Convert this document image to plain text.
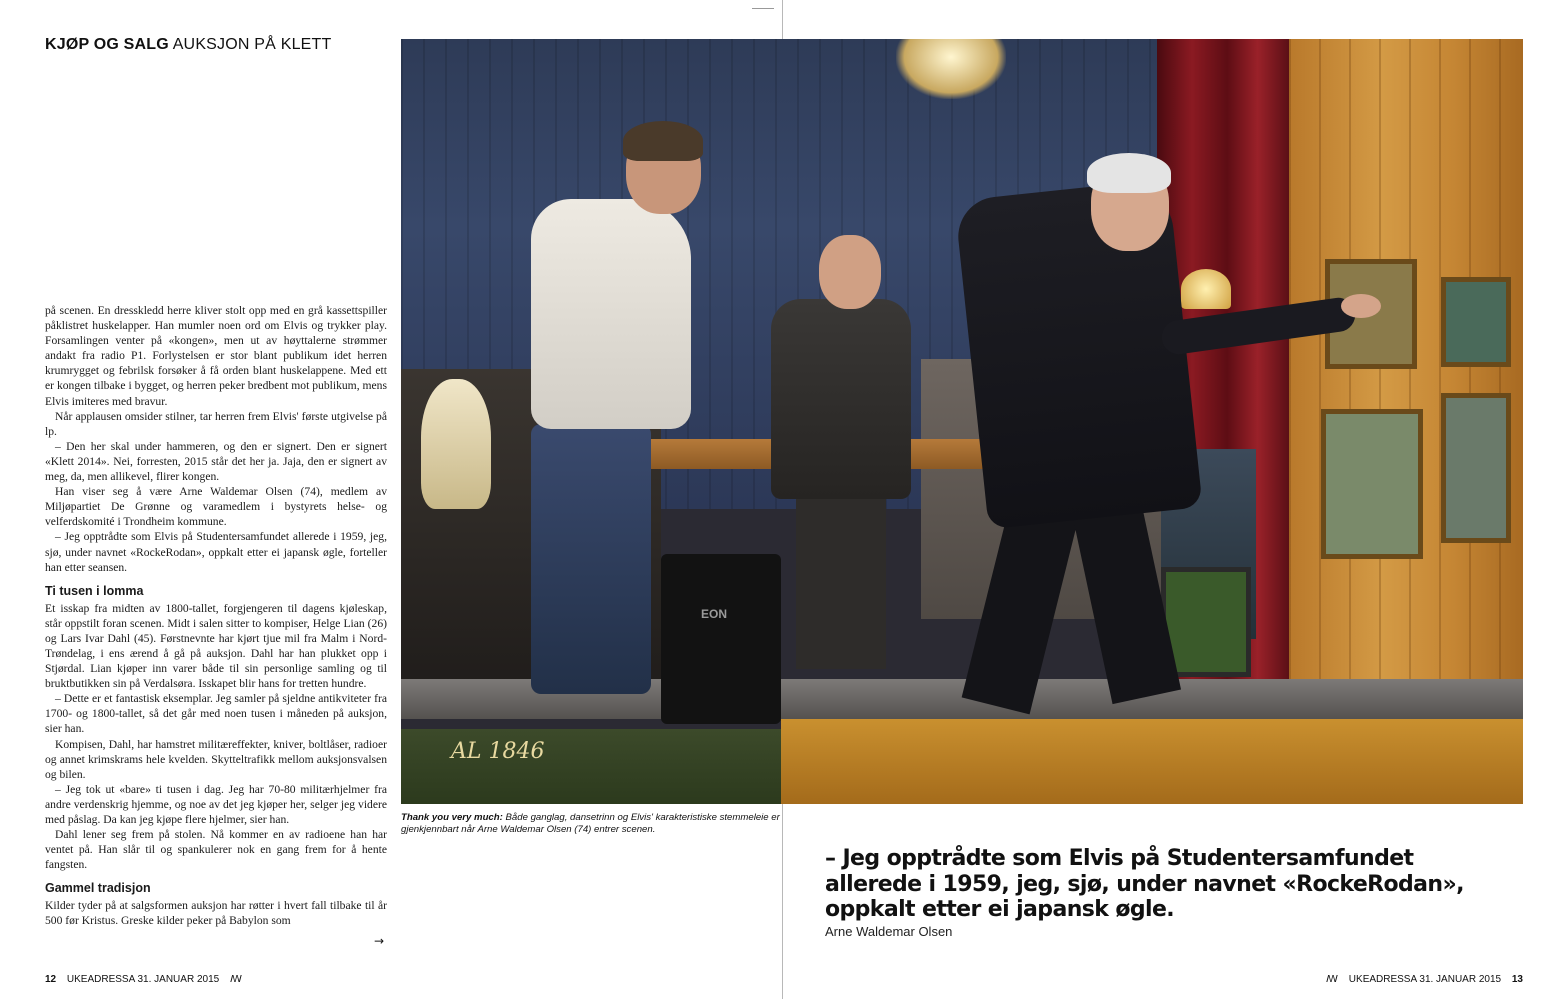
KJØP OG SALG AUKSJON PÅ KLETT

på scenen. En dresskledd herre kliver stolt opp med en grå kassettspiller påklistret huskelapper. Han mumler noen ord om Elvis og trykker play. Forsamlingen venter på «kongen», men ut av høyttalerne strømmer andakt fra radio P1. Forlystelsen er stor blant publikum idet herren krumrygget og febrilsk forsøker å få orden blant huskelappene. Med ett er kongen tilbake i bygget, og herren peker bredbent mot publikum, mens Elvis imiteres med bravur.

Når applausen omsider stilner, tar herren frem Elvis' første utgivelse på lp.

– Den her skal under hammeren, og den er signert. Den er signert «Klett 2014». Nei, forresten, 2015 står det her ja. Jaja, den er signert av meg, da, men allikevel, flirer kongen.

Han viser seg å være Arne Waldemar Olsen (74), medlem av Miljøpartiet De Grønne og varamedlem i bystyrets helse- og velferdskomité i Trondheim kommune.

– Jeg opptrådte som Elvis på Studentersamfundet allerede i 1959, jeg, sjø, under navnet «RockeRodan», oppkalt etter ei japansk øgle, forteller han etter seansen.

Ti tusen i lomma

Et isskap fra midten av 1800-tallet, forgjengeren til dagens kjøleskap, står oppstilt foran scenen. Midt i salen sitter to kompiser, Helge Lian (26) og Lars Ivar Dahl (45). Førstnevnte har kjørt tjue mil fra Malm i Nord-Trøndelag, i ens ærend å gå på auksjon. Dahl har han plukket opp i Stjørdal. Lian kjøper inn varer både til sin personlige samling og til bruktbutikken sin på Verdalsøra. Isskapet blir hans for tretten hundre.

– Dette er et fantastisk eksemplar. Jeg samler på sjeldne antikviteter fra 1700- og 1800-tallet, så det går med noen tusen i måneden på auksjon, sier han.

Kompisen, Dahl, har hamstret militæreffekter, kniver, boltlåser, radioer og annet krimskrams hele kvelden. Skytteltrafikk mellom auksjonsvalsen og bilen.

– Jeg tok ut «bare» ti tusen i dag. Jeg har 70-80 militærhjelmer fra andre verdenskrig hjemme, og noe av det jeg kjøper her, selger jeg videre med påslag. Da kan jeg kjøpe flere hjelmer, sier han.

Dahl lener seg frem på stolen. Nå kommer en av radioene han har ventet på. Han slår til og spankulerer nok en gang frem for å hente fangsten.

Gammel tradisjon

Kilder tyder på at salgsformen auksjon har røtter i hvert fall tilbake til år 500 før Kristus. Greske kilder peker på Babylon som

→
AL 1846
EON
Thank you very much: Både ganglag, dansetrinn og Elvis' karakteristiske stemmeleie er gjenkjennbart når Arne Waldemar Olsen (74) entrer scenen.
– Jeg opptrådte som Elvis på Studentersamfundet allerede i 1959, jeg, sjø, under navnet «RockeRodan», oppkalt etter ei japansk øgle.
Arne Waldemar Olsen
12 UKEADRESSA 31. JANUAR 2015 ꟿ	ꟿ UKEADRESSA 31. JANUAR 2015 13
